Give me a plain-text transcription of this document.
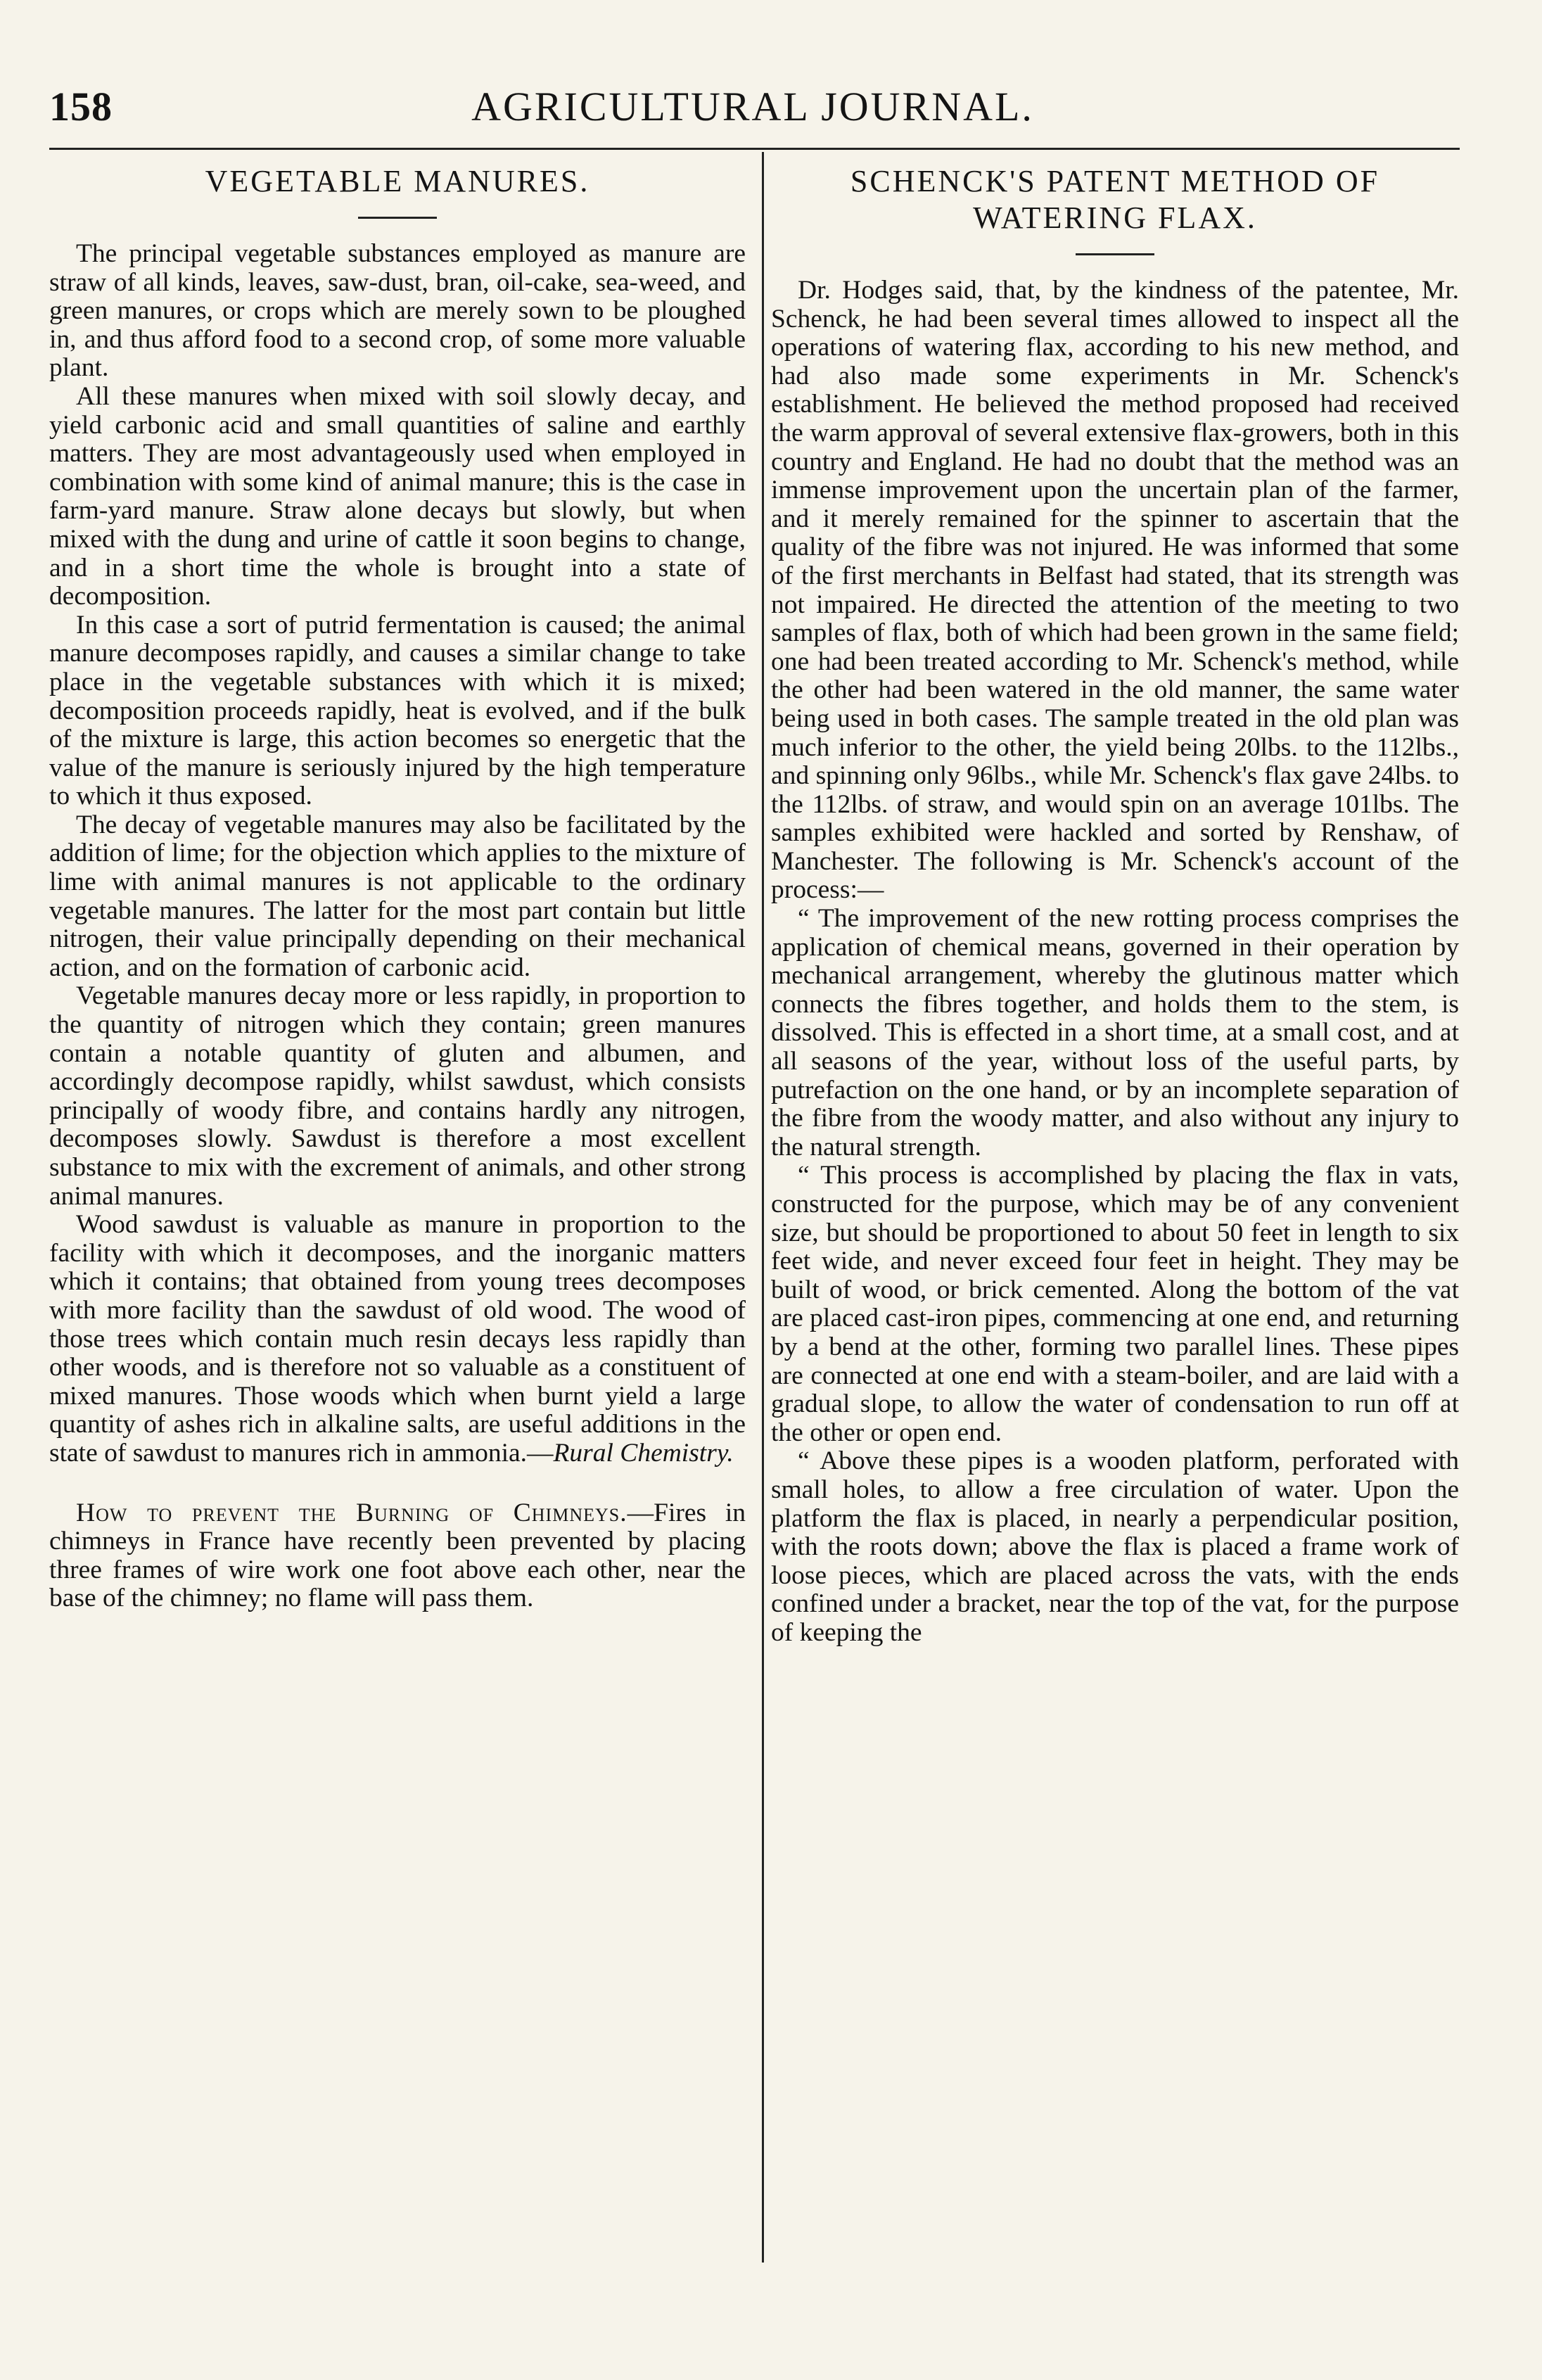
158	AGRICULTURAL JOURNAL.
VEGETABLE MANURES.

The principal vegetable substances employed as manure are straw of all kinds, leaves, saw-dust, bran, oil-cake, sea-weed, and green manures, or crops which are merely sown to be ploughed in, and thus afford food to a second crop, of some more valuable plant.

All these manures when mixed with soil slowly decay, and yield carbonic acid and small quantities of saline and earthly matters. They are most advantageously used when employed in combination with some kind of animal manure; this is the case in farm-yard manure. Straw alone decays but slowly, but when mixed with the dung and urine of cattle it soon begins to change, and in a short time the whole is brought into a state of decomposition.

In this case a sort of putrid fermentation is caused; the animal manure decomposes rapidly, and causes a similar change to take place in the vegetable substances with which it is mixed; decomposition proceeds rapidly, heat is evolved, and if the bulk of the mixture is large, this action becomes so energetic that the value of the manure is seriously injured by the high temperature to which it thus exposed.

The decay of vegetable manures may also be facilitated by the addition of lime; for the objection which applies to the mixture of lime with animal manures is not applicable to the ordinary vegetable manures. The latter for the most part contain but little nitrogen, their value principally depending on their mechanical action, and on the formation of carbonic acid.

Vegetable manures decay more or less rapidly, in proportion to the quantity of nitrogen which they contain; green manures contain a notable quantity of gluten and albumen, and accordingly decompose rapidly, whilst sawdust, which consists principally of woody fibre, and contains hardly any nitrogen, decomposes slowly. Sawdust is therefore a most excellent substance to mix with the excrement of animals, and other strong animal manures.

Wood sawdust is valuable as manure in proportion to the facility with which it decomposes, and the inorganic matters which it contains; that obtained from young trees decomposes with more facility than the sawdust of old wood. The wood of those trees which contain much resin decays less rapidly than other woods, and is therefore not so valuable as a constituent of mixed manures. Those woods which when burnt yield a large quantity of ashes rich in alkaline salts, are useful additions in the state of sawdust to manures rich in ammonia.—Rural Chemistry.

How to prevent the Burning of Chimneys.—Fires in chimneys in France have recently been prevented by placing three frames of wire work one foot above each other, near the base of the chimney; no flame will pass them.

SCHENCK'S PATENT METHOD OF WATERING FLAX.

Dr. Hodges said, that, by the kindness of the patentee, Mr. Schenck, he had been several times allowed to inspect all the operations of watering flax, according to his new method, and had also made some experiments in Mr. Schenck's establishment. He believed the method proposed had received the warm approval of several extensive flax-growers, both in this country and England. He had no doubt that the method was an immense improvement upon the uncertain plan of the farmer, and it merely remained for the spinner to ascertain that the quality of the fibre was not injured. He was informed that some of the first merchants in Belfast had stated, that its strength was not impaired. He directed the attention of the meeting to two samples of flax, both of which had been grown in the same field; one had been treated according to Mr. Schenck's method, while the other had been watered in the old manner, the same water being used in both cases. The sample treated in the old plan was much inferior to the other, the yield being 20lbs. to the 112lbs., and spinning only 96lbs., while Mr. Schenck's flax gave 24lbs. to the 112lbs. of straw, and would spin on an average 101lbs. The samples exhibited were hackled and sorted by Renshaw, of Manchester. The following is Mr. Schenck's account of the process:—

“ The improvement of the new rotting process comprises the application of chemical means, governed in their operation by mechanical arrangement, whereby the glutinous matter which connects the fibres together, and holds them to the stem, is dissolved. This is effected in a short time, at a small cost, and at all seasons of the year, without loss of the useful parts, by putrefaction on the one hand, or by an incomplete separation of the fibre from the woody matter, and also without any injury to the natural strength.

“ This process is accomplished by placing the flax in vats, constructed for the purpose, which may be of any convenient size, but should be proportioned to about 50 feet in length to six feet wide, and never exceed four feet in height. They may be built of wood, or brick cemented. Along the bottom of the vat are placed cast-iron pipes, commencing at one end, and returning by a bend at the other, forming two parallel lines. These pipes are connected at one end with a steam-boiler, and are laid with a gradual slope, to allow the water of condensation to run off at the other or open end.

“ Above these pipes is a wooden platform, perforated with small holes, to allow a free circulation of water. Upon the platform the flax is placed, in nearly a perpendicular position, with the roots down; above the flax is placed a frame work of loose pieces, which are placed across the vats, with the ends confined under a bracket, near the top of the vat, for the purpose of keeping the
